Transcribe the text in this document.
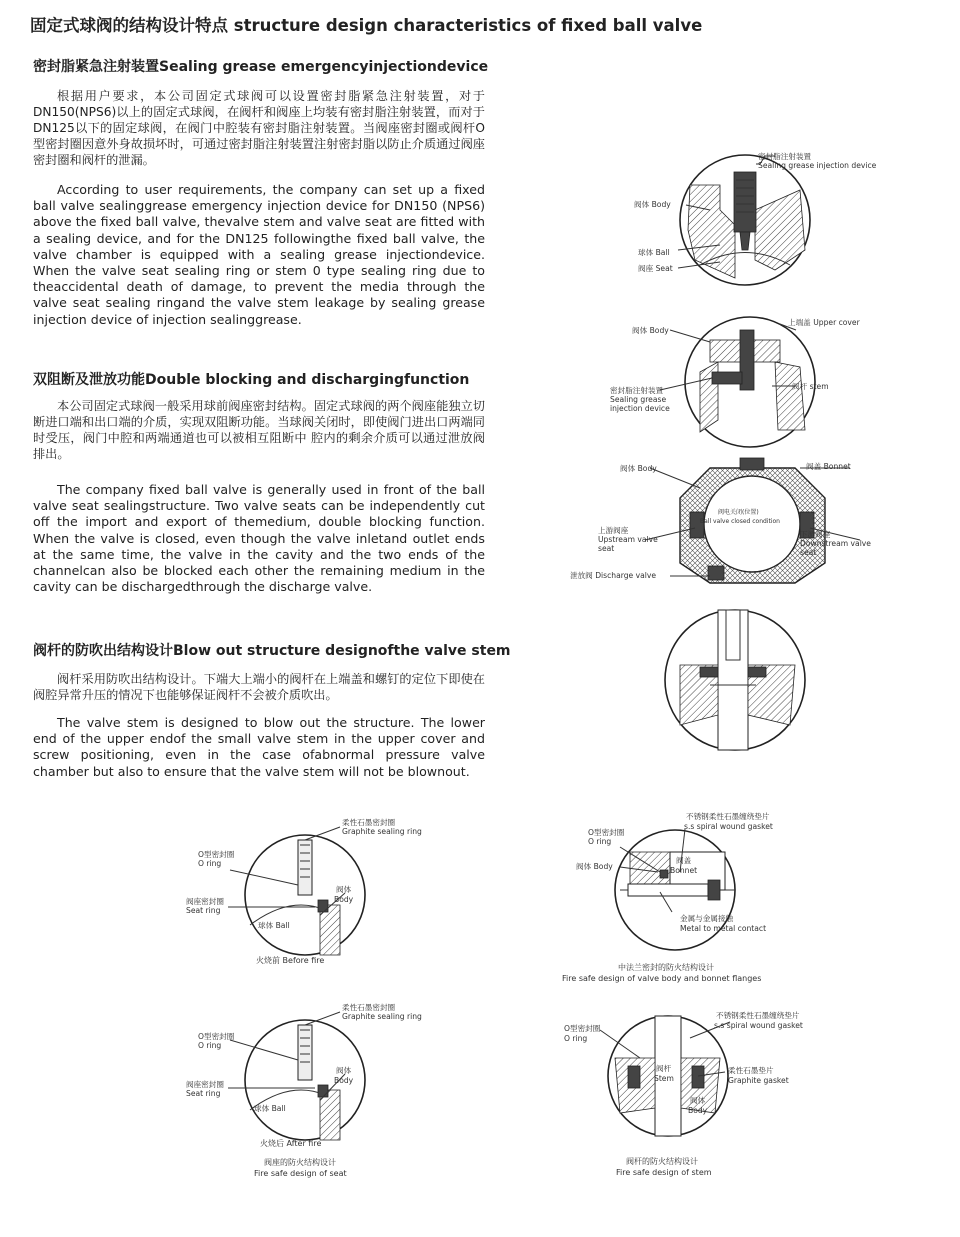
固定式球阀的结构设计特点 structure design characteristics of fixed ball valve
密封脂紧急注射装置Sealing grease emergencyinjectiondevice

根据用户要求，本公司固定式球阀可以设置密封脂紧急注射装置，对于DN150(NPS6)以上的固定式球阀，在阀杆和阀座上均装有密封脂注射装置，而对于DN125以下的固定球阀，在阀门中腔装有密封脂注射装置。当阀座密封圈或阀杆O型密封圈因意外身故损坏时，可通过密封脂注射装置注射密封脂以防止介质通过阀座密封圈和阀杆的泄漏。

According to user requirements, the company can set up a fixed ball valve sealinggrease emergency injection device for DN150 (NPS6) above the fixed ball valve, thevalve stem and valve seat are fitted with a sealing device, and for the DN125 followingthe fixed ball valve, the valve chamber is equipped with a sealing grease injectiondevice. When the valve seat sealing ring or stem 0 type sealing ring due to theaccidental death of damage, to prevent the media through the valve seat sealing ringand the valve stem leakage by sealing grease injection device of injection sealinggrease.

双阻断及泄放功能Double blocking and dischargingfunction

本公司固定式球阀一般采用球前阀座密封结构。固定式球阀的两个阀座能独立切断进口端和出口端的介质，实现双阻断功能。当球阀关闭时，即使阀门进出口两端同时受压，阀门中腔和两端通道也可以被相互阻断中 腔内的剩余介质可以通过泄放阀排出。

The company fixed ball valve is generally used in front of the ball valve seat sealingstructure. Two valve seats can be independently cut off the import and export of themedium, double blocking function. When the valve is closed, even though the valve inletand outlet ends at the same time, the valve in the cavity and the two ends of the channelcan also be blocked each other the remaining medium in the cavity can be dischargedthrough the discharge valve.

阀杆的防吹出结构设计Blow out structure designofthe valve stem

阀杆采用防吹出结构设计。下端大上端小的阀杆在上端盖和螺钉的定位下即使在阀腔异常升压的情况下也能够保证阀杆不会被介质吹出。

The valve stem is designed to blow out the structure. The lower end of the upper endof the small valve stem in the upper cover and screw positioning, even in the case ofabnormal pressure valve chamber but also to ensure that the valve stem will not be blownout.

密封脂注射装置
Sealing grease injection device
阀体 Body
球体 Ball
阀座 Seat
阀体 Body
上端盖 Upper cover
密封脂注射装置
Sealing grease
injection device
阀杆 stem
阀体 Body	阀盖 Bonnet
阀电关闭(位置)
Ball valve closed condition
上游阀座
Upstream valve
seat
下游阀座
Downstream valve
seat
泄放阀 Discharge valve
柔性石墨密封圈
Graphite sealing ring
O型密封圈
O ring
阀座密封圈
Seat ring
阀体
Body
球体 Ball
火烧前 Before fire
柔性石墨密封圈
Graphite sealing ring
O型密封圈
O ring
阀座密封圈
Seat ring
阀体
Body
球体 Ball
火烧后 After fire
阀座的防火结构设计
Fire safe design of seat
不锈钢柔性石墨缠绕垫片
s.s spiral wound gasket
O型密封圈
O ring
阀体 Body
阀盖
Bonnet
金属与金属接触
Metal to metal contact
中法兰密封的防火结构设计
Fire safe design of valve body and bonnet flanges
不锈钢柔性石墨缠绕垫片
s.s spiral wound gasket
O型密封圈
O ring
阀杆
Stem
柔性石墨垫片
Graphite gasket
阀体
Body
阀杆的防火结构设计
Fire safe design of stem
